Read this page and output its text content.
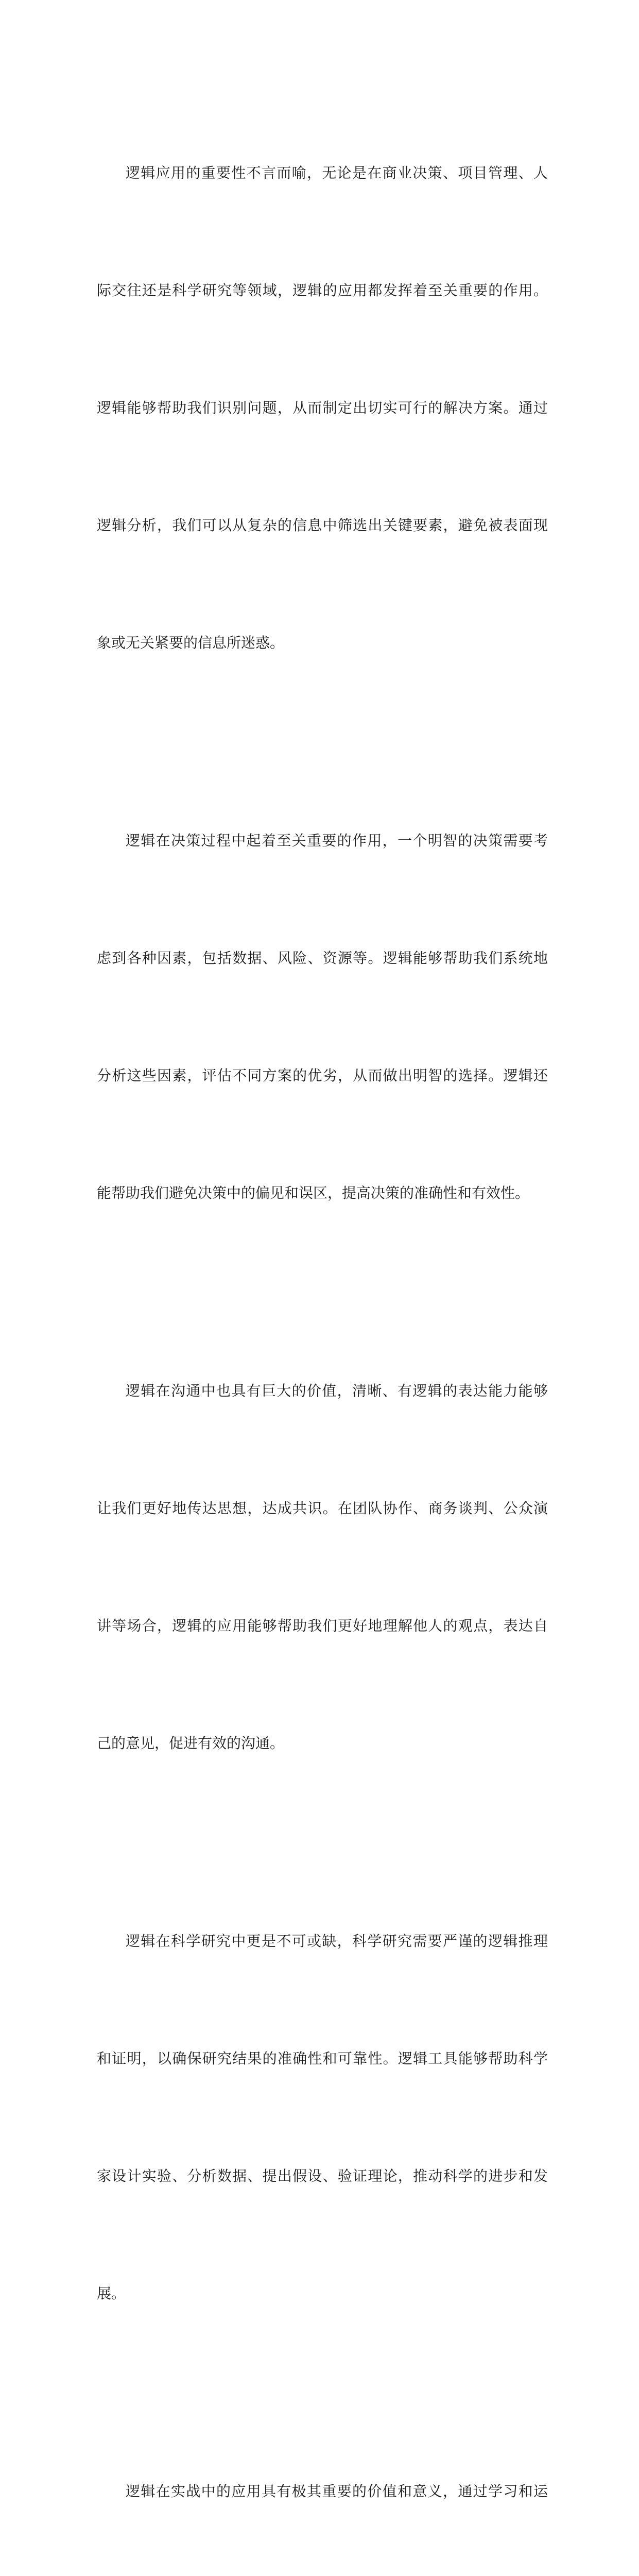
逻辑应用的重要性不言而喻，无论是在商业决策、项目管理、人

际交往还是科学研究等领域，逻辑的应用都发挥着至关重要的作用。

逻辑能够帮助我们识别问题，从而制定出切实可行的解决方案。通过

逻辑分析，我们可以从复杂的信息中筛选出关键要素，避免被表面现

象或无关紧要的信息所迷惑。

逻辑在决策过程中起着至关重要的作用，一个明智的决策需要考

虑到各种因素，包括数据、风险、资源等。逻辑能够帮助我们系统地

分析这些因素，评估不同方案的优劣，从而做出明智的选择。逻辑还

能帮助我们避免决策中的偏见和误区，提高决策的准确性和有效性。

逻辑在沟通中也具有巨大的价值，清晰、有逻辑的表达能力能够

让我们更好地传达思想，达成共识。在团队协作、商务谈判、公众演

讲等场合，逻辑的应用能够帮助我们更好地理解他人的观点，表达自

己的意见，促进有效的沟通。

逻辑在科学研究中更是不可或缺，科学研究需要严谨的逻辑推理

和证明，以确保研究结果的准确性和可靠性。逻辑工具能够帮助科学

家设计实验、分析数据、提出假设、验证理论，推动科学的进步和发

展。

逻辑在实战中的应用具有极其重要的价值和意义，通过学习和运
